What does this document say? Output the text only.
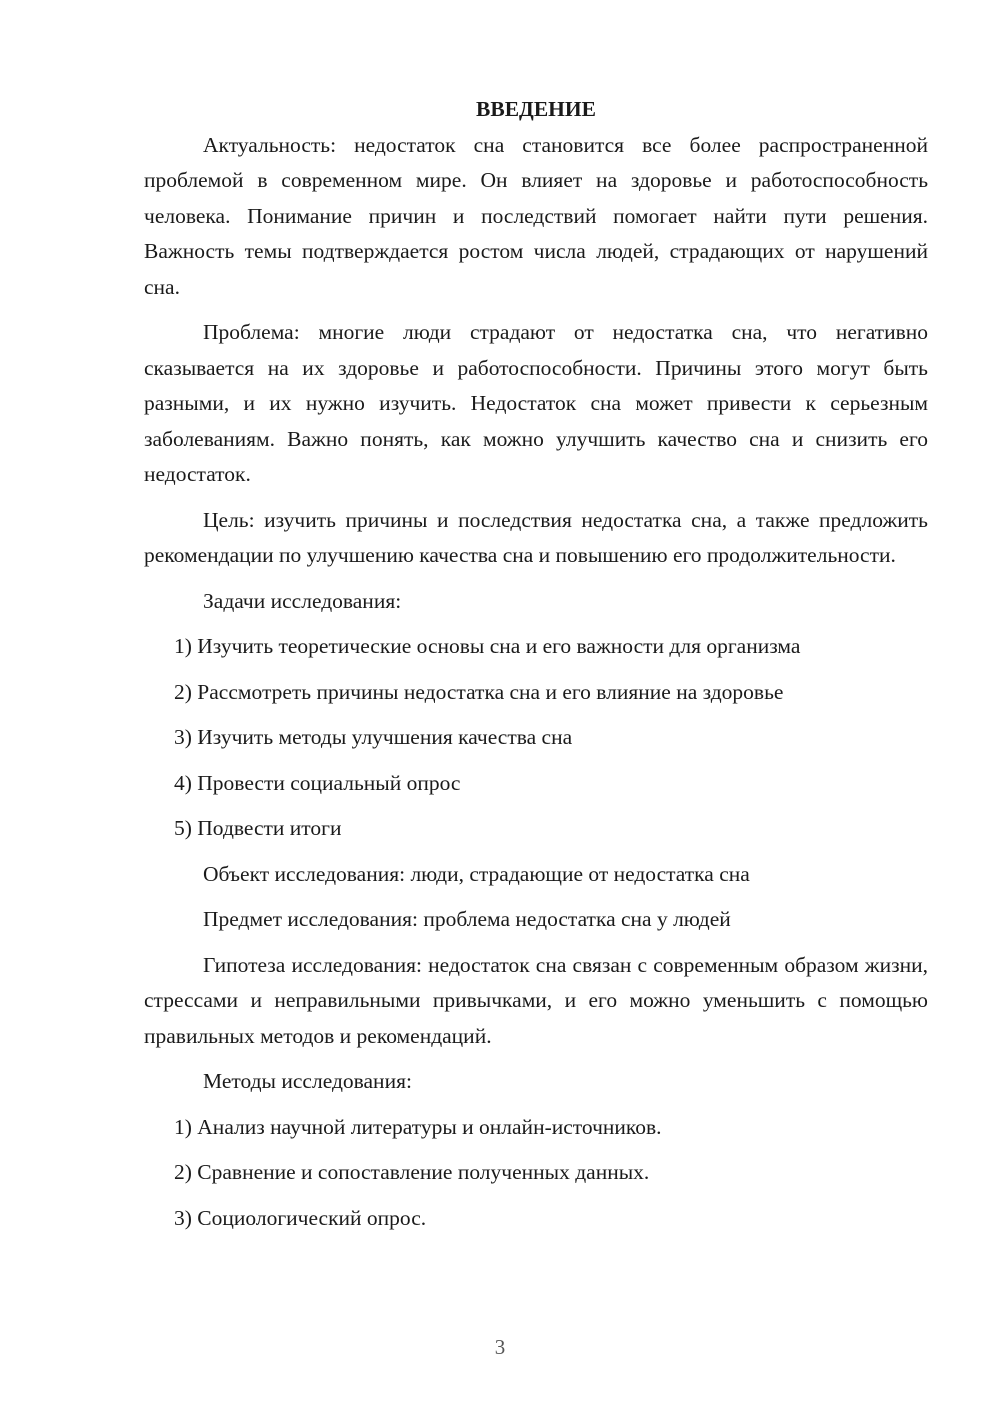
ВВЕДЕНИЕ

Актуальность: недостаток сна становится все более распространенной проблемой в современном мире. Он влияет на здоровье и работоспособность человека. Понимание причин и последствий помогает найти пути решения. Важность темы подтверждается ростом числа людей, страдающих от нарушений сна.

Проблема: многие люди страдают от недостатка сна, что негативно сказывается на их здоровье и работоспособности. Причины этого могут быть разными, и их нужно изучить. Недостаток сна может привести к серьезным заболеваниям. Важно понять, как можно улучшить качество сна и снизить его недостаток.

Цель: изучить причины и последствия недостатка сна, а также предложить рекомендации по улучшению качества сна и повышению его продолжительности.

Задачи исследования:
1) Изучить теоретические основы сна и его важности для организма
2) Рассмотреть причины недостатка сна и его влияние на здоровье
3) Изучить методы улучшения качества сна
4) Провести социальный опрос
5) Подвести итоги
Объект исследования: люди, страдающие от недостатка сна
Предмет исследования: проблема недостатка сна у людей

Гипотеза исследования: недостаток сна связан с современным образом жизни, стрессами и неправильными привычками, и его можно уменьшить с помощью правильных методов и рекомендаций.

Методы исследования:
1) Анализ научной литературы и онлайн-источников.
2) Сравнение и сопоставление полученных данных.
3) Социологический опрос.
3
